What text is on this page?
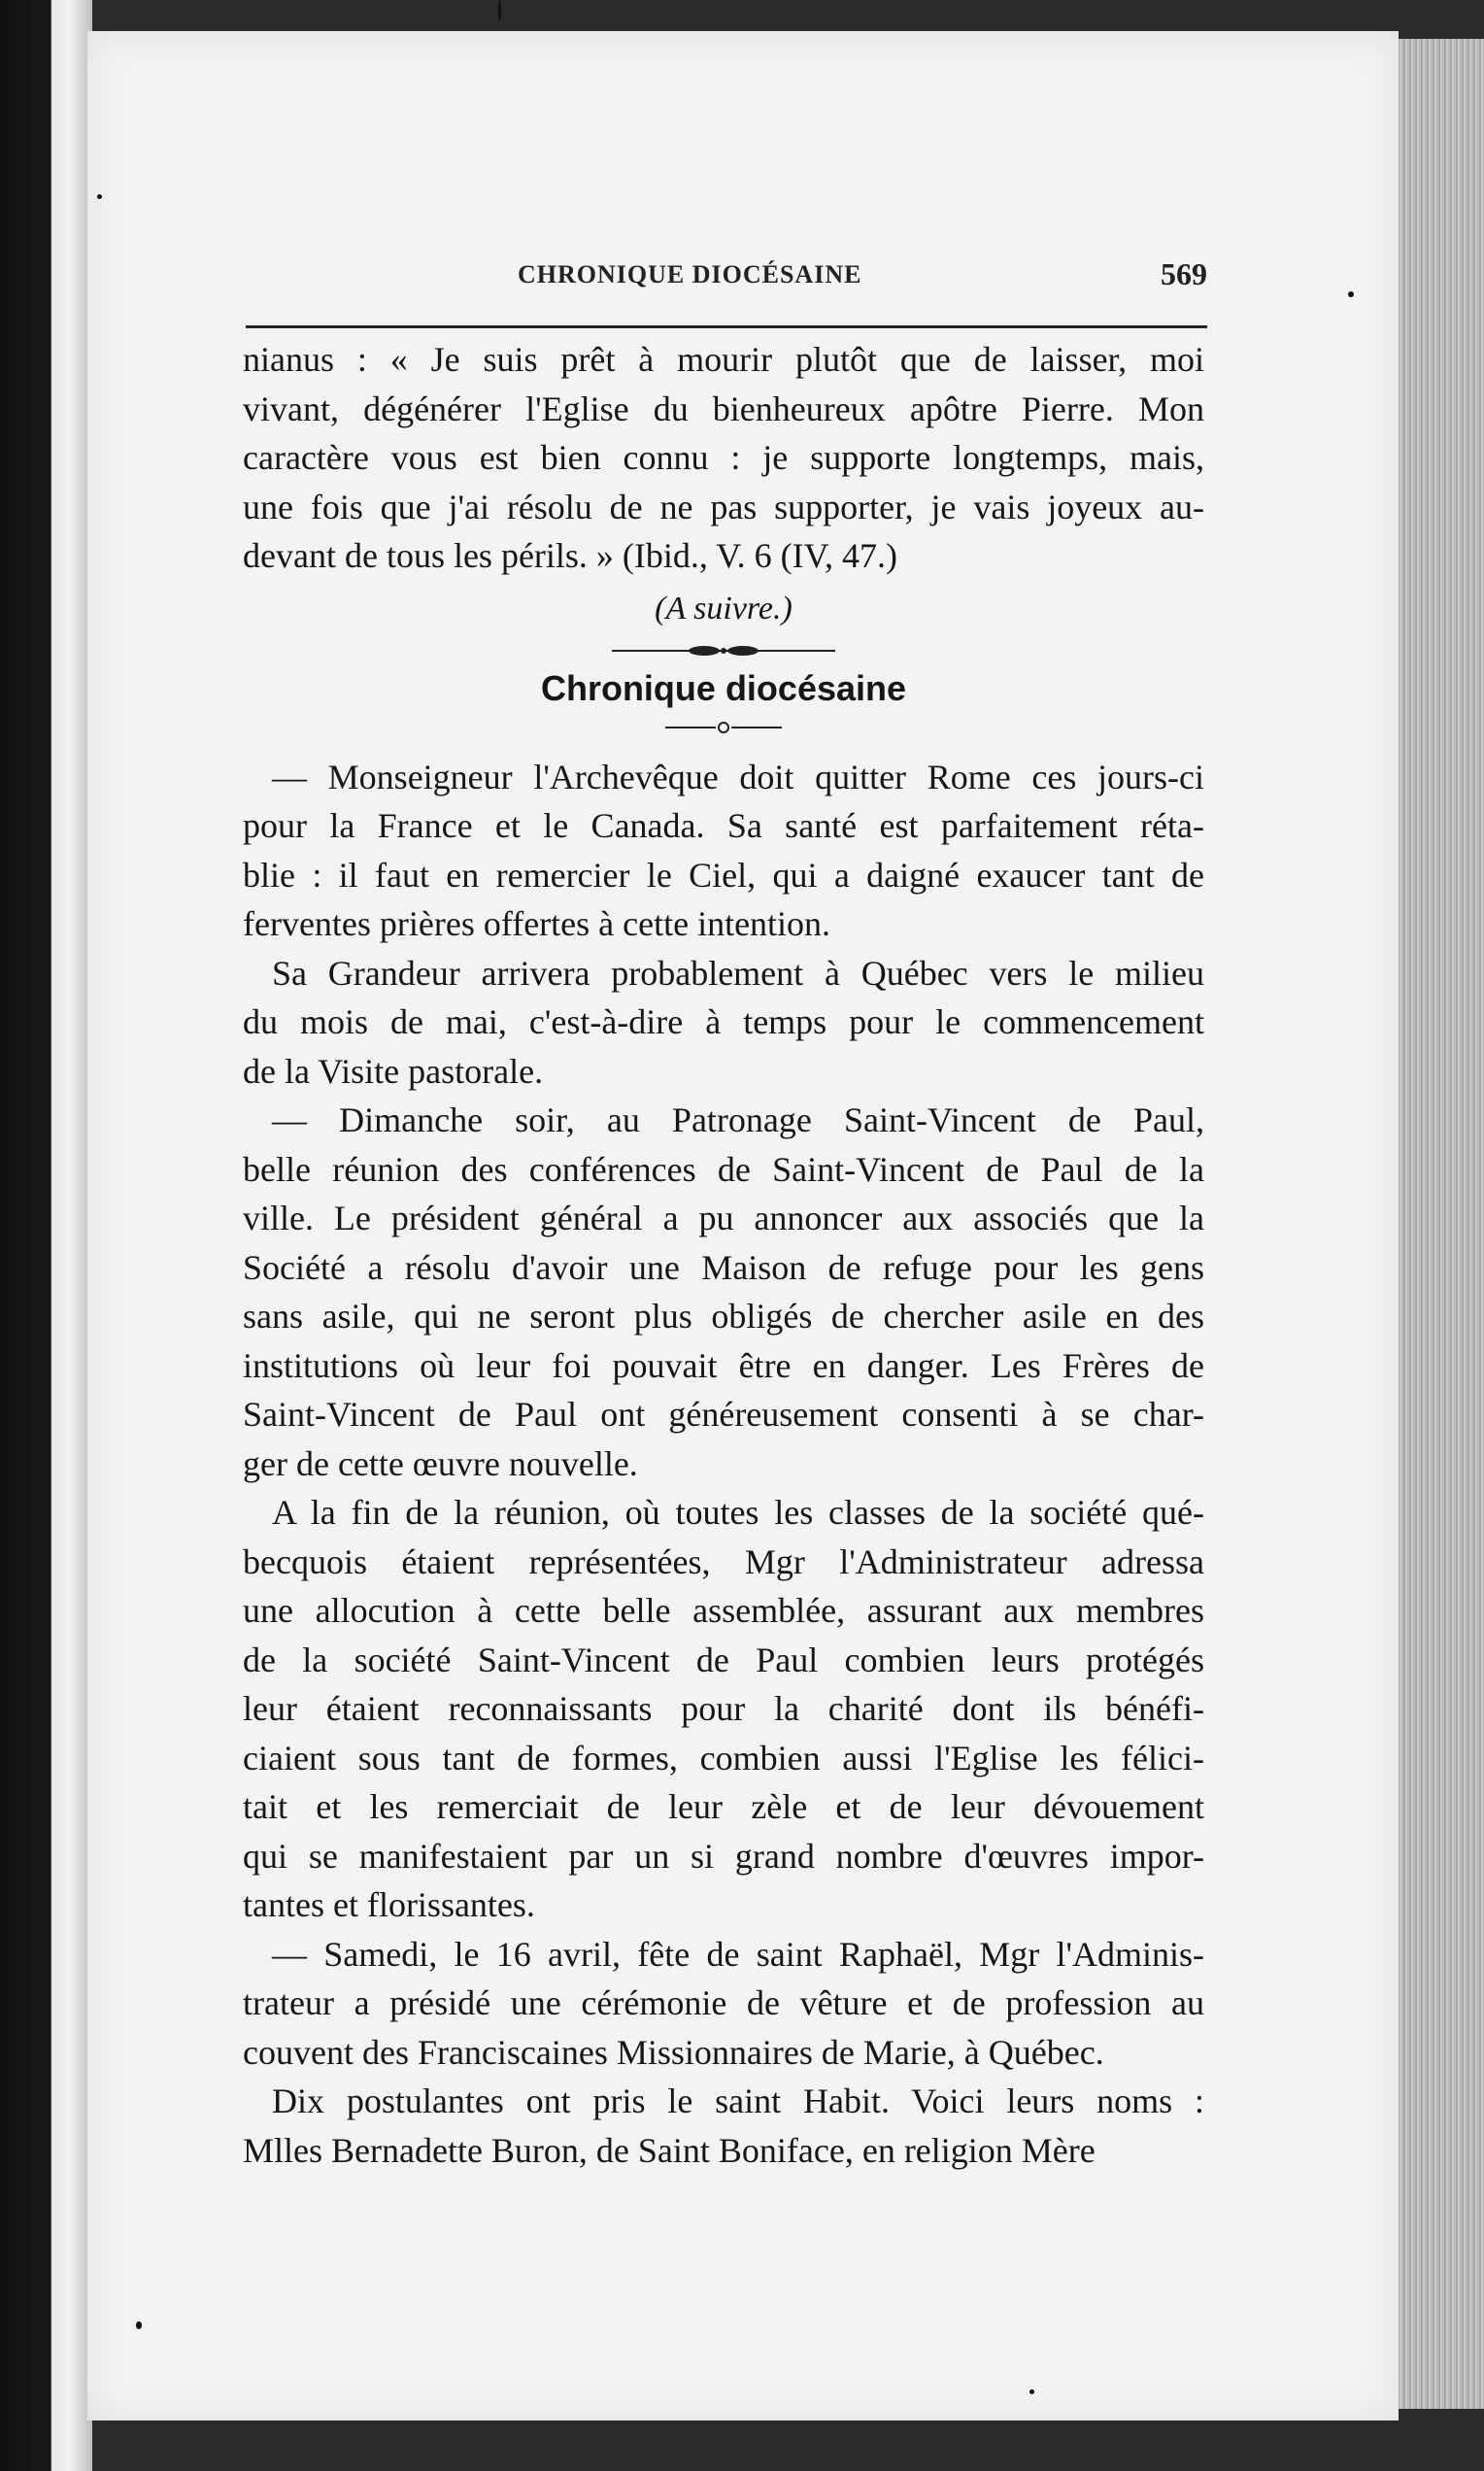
CHRONIQUE DIOCÉSAINE	569

nianus : « Je suis prêt à mourir plutôt que de laisser, moi
vivant, dégénérer l'Eglise du bienheureux apôtre Pierre. Mon
caractère vous est bien connu : je supporte longtemps, mais,
une fois que j'ai résolu de ne pas supporter, je vais joyeux au-
devant de tous les périls. » (Ibid., V. 6 (IV, 47.)

(A suivre.)
Chronique diocésaine

— Monseigneur l'Archevêque doit quitter Rome ces jours-ci
pour la France et le Canada. Sa santé est parfaitement réta-
blie : il faut en remercier le Ciel, qui a daigné exaucer tant de
ferventes prières offertes à cette intention.

Sa Grandeur arrivera probablement à Québec vers le milieu
du mois de mai, c'est-à-dire à temps pour le commencement
de la Visite pastorale.

— Dimanche soir, au Patronage Saint-Vincent de Paul,
belle réunion des conférences de Saint-Vincent de Paul de la
ville. Le président général a pu annoncer aux associés que la
Société a résolu d'avoir une Maison de refuge pour les gens
sans asile, qui ne seront plus obligés de chercher asile en des
institutions où leur foi pouvait être en danger. Les Frères de
Saint-Vincent de Paul ont généreusement consenti à se char-
ger de cette œuvre nouvelle.

A la fin de la réunion, où toutes les classes de la société qué-
becquois étaient représentées, Mgr l'Administrateur adressa
une allocution à cette belle assemblée, assurant aux membres
de la société Saint-Vincent de Paul combien leurs protégés
leur étaient reconnaissants pour la charité dont ils bénéfi-
ciaient sous tant de formes, combien aussi l'Eglise les félici-
tait et les remerciait de leur zèle et de leur dévouement
qui se manifestaient par un si grand nombre d'œuvres impor-
tantes et florissantes.

— Samedi, le 16 avril, fête de saint Raphaël, Mgr l'Adminis-
trateur a présidé une cérémonie de vêture et de profession au
couvent des Franciscaines Missionnaires de Marie, à Québec.

Dix postulantes ont pris le saint Habit. Voici leurs noms :
Mlles Bernadette Buron, de Saint Boniface, en religion Mère
